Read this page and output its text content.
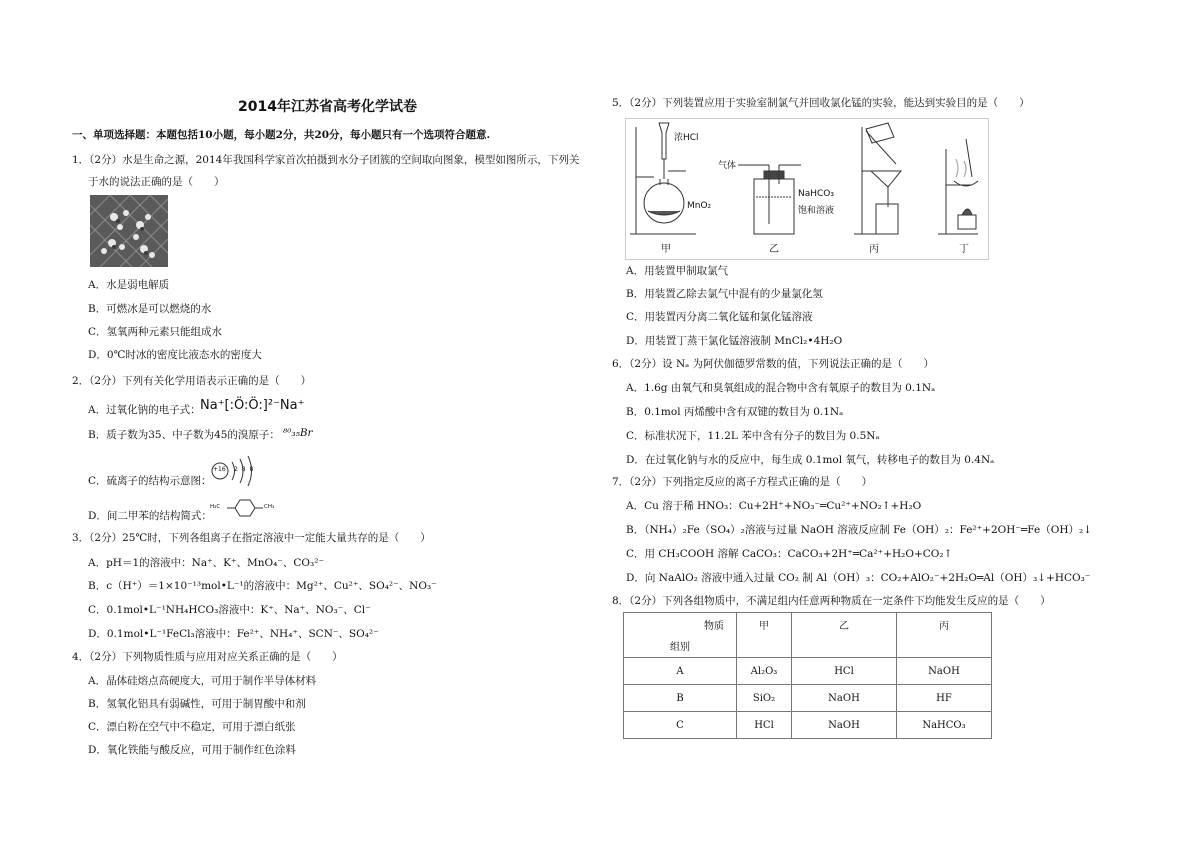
2014年江苏省高考化学试卷
一、单项选择题：本题包括10小题，每小题2分，共20分，每小题只有一个选项符合题意.
1．（2分）水是生命之源，2014年我国科学家首次拍摄到水分子团簇的空间取向图象，模型如图所示，下列关
于水的说法正确的是（　　）
A．水是弱电解质
B．可燃冰是可以燃烧的水
C．氢氧两种元素只能组成水
D．0℃时冰的密度比液态水的密度大
2．（2分）下列有关化学用语表示正确的是（　　）
A．过氧化钠的电子式： Na⁺[:Ö:Ö:]²⁻Na⁺
B．质子数为35、中子数为45的溴原子： ⁸⁰₃₅Br
C．硫离子的结构示意图：
+16 2 8 8
D．间二甲苯的结构简式：
H₃C	CH₃
3．（2分）25℃时，下列各组离子在指定溶液中一定能大量共存的是（　　）
A．pH＝1的溶液中：Na⁺、K⁺、MnO₄⁻、CO₃²⁻
B．c（H⁺）＝1×10⁻¹³mol•L⁻¹的溶液中：Mg²⁺、Cu²⁺、SO₄²⁻、NO₃⁻
C．0.1mol•L⁻¹NH₄HCO₃溶液中：K⁺、Na⁺、NO₃⁻、Cl⁻
D．0.1mol•L⁻¹FeCl₃溶液中：Fe²⁺、NH₄⁺、SCN⁻、SO₄²⁻
4．（2分）下列物质性质与应用对应关系正确的是（　　）
A．晶体硅熔点高硬度大，可用于制作半导体材料
B．氢氧化铝具有弱碱性，可用于制胃酸中和剂
C．漂白粉在空气中不稳定，可用于漂白纸张
D．氧化铁能与酸反应，可用于制作红色涂料
5．（2分）下列装置应用于实验室制氯气并回收氯化锰的实验，能达到实验目的是（　　）
浓HCl
MnO₂
气体
NaHCO₃
饱和溶液
甲	乙	丙	丁
A．用装置甲制取氯气
B．用装置乙除去氯气中混有的少量氯化氢
C．用装置丙分离二氧化锰和氯化锰溶液
D．用装置丁蒸干氯化锰溶液制 MnCl₂•4H₂O
6．（2分）设 Nₐ 为阿伏伽德罗常数的值，下列说法正确的是（　　）
A．1.6g 由氧气和臭氧组成的混合物中含有氧原子的数目为 0.1Nₐ
B．0.1mol 丙烯酸中含有双键的数目为 0.1Nₐ
C．标准状况下，11.2L 苯中含有分子的数目为 0.5Nₐ
D．在过氧化钠与水的反应中，每生成 0.1mol 氧气，转移电子的数目为 0.4Nₐ
7．（2分）下列指定反应的离子方程式正确的是（　　）
A．Cu 溶于稀 HNO₃：Cu+2H⁺+NO₃⁻═Cu²⁺+NO₂↑+H₂O
B．（NH₄）₂Fe（SO₄）₂溶液与过量 NaOH 溶液反应制 Fe（OH）₂：Fe²⁺+2OH⁻═Fe（OH）₂↓
C．用 CH₃COOH 溶解 CaCO₃：CaCO₃+2H⁺═Ca²⁺+H₂O+CO₂↑
D．向 NaAlO₂ 溶液中通入过量 CO₂ 制 Al（OH）₃：CO₂+AlO₂⁻+2H₂O═Al（OH）₃↓+HCO₃⁻
8．（2分）下列各组物质中，不满足组内任意两种物质在一定条件下均能发生反应的是（　　）
物质
组别	甲	乙	丙
A	Al₂O₃	HCl	NaOH
B	SiO₂	NaOH	HF
C	HCl	NaOH	NaHCO₃
